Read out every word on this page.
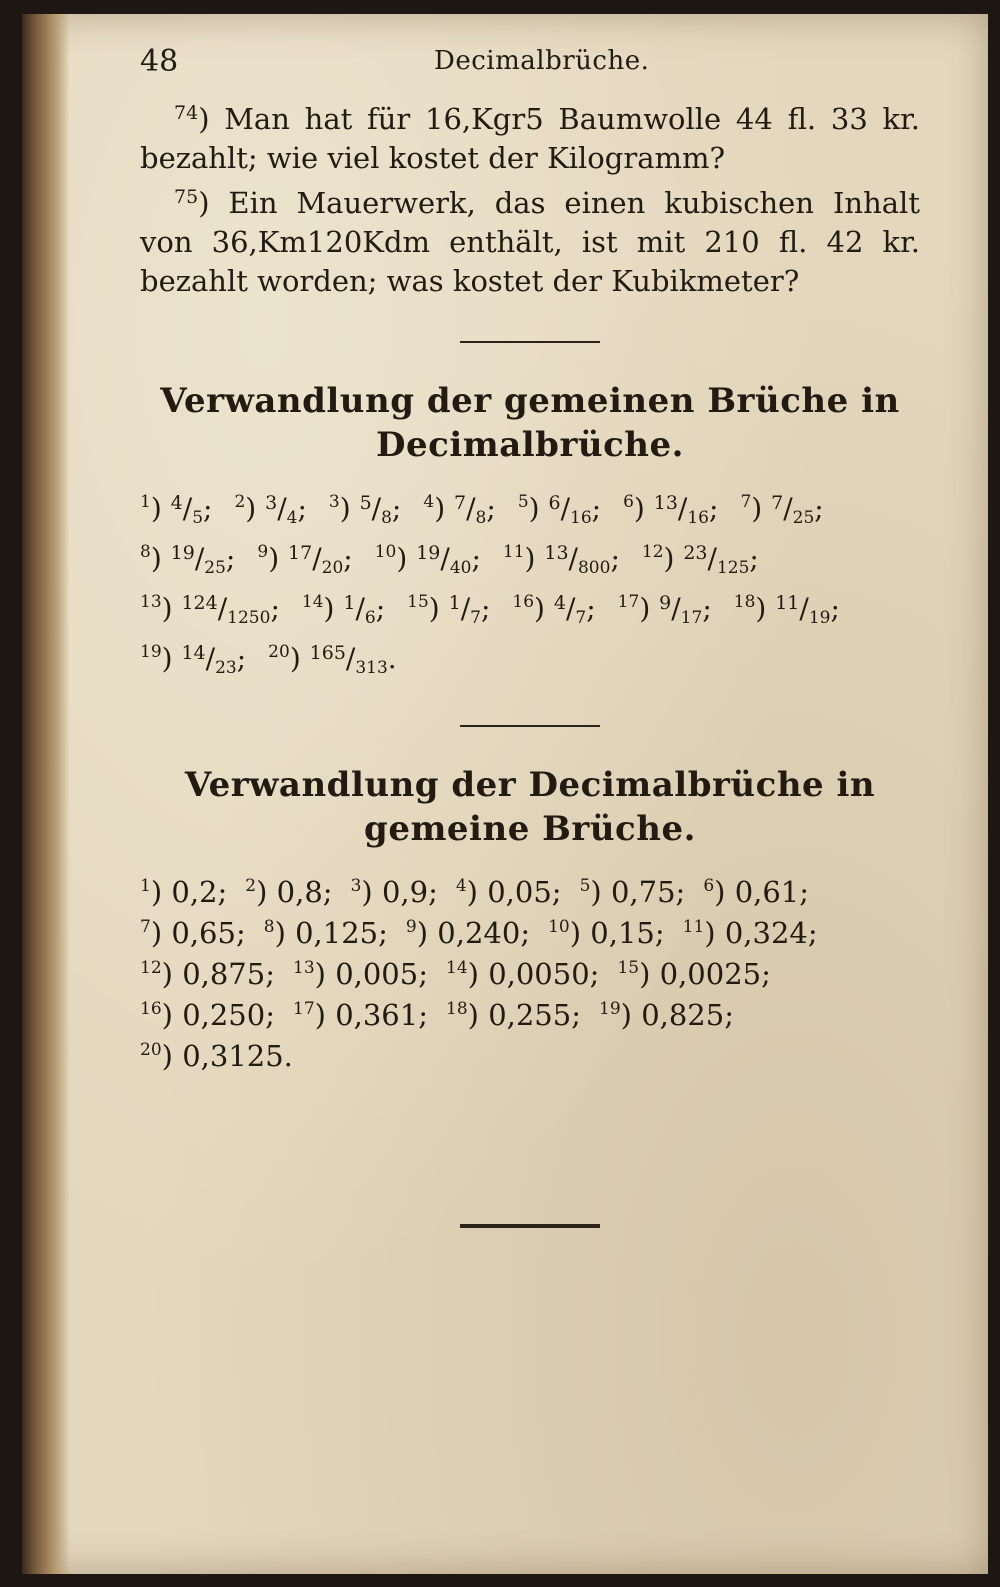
48	Decimalbrüche.

$^{74}$) Man hat für 16,Kgr5 Baumwolle 44 fl. 33 kr. bezahlt; wie viel kostet der Kilogramm?

$^{75}$) Ein Mauerwerk, das einen kubischen Inhalt von 36,Km120Kdm enthält, ist mit 210 fl. 42 kr. bezahlt worden; was kostet der Kubikmeter?

Verwandlung der gemeinen Brüche in Decimalbrüche.

$^1$) $^4$/5; $^2$) $^3$/4; $^3$) $^5$/8; $^4$) $^7$/8; $^5$) $^6$/16; $^6$) $^{13}$/16; $^7$) $^7$/25;$^8$) $^{19}$/25; $^9$) $^{17}$/20; $^{10}$) $^{19}$/40; $^{11}$) $^{13}$/800; $^{12}$) $^{23}$/125;$^{13}$) $^{124}$/1250; $^{14}$) $^1$/6; $^{15}$) $^1$/7; $^{16}$) $^4$/7; $^{17}$) $^9$/17; $^{18}$) $^{11}$/19;$^{19}$) $^{14}$/23; $^{20}$) $^{165}$/313.

Verwandlung der Decimalbrüche in gemeine Brüche.

$^1$) 0,2; $^2$) 0,8; $^3$) 0,9; $^4$) 0,05; $^5$) 0,75; $^6$) 0,61;$^7$) 0,65; $^8$) 0,125; $^9$) 0,240; $^{10}$) 0,15; $^{11}$) 0,324;$^{12}$) 0,875; $^{13}$) 0,005; $^{14}$) 0,0050; $^{15}$) 0,0025;$^{16}$) 0,250; $^{17}$) 0,361; $^{18}$) 0,255; $^{19}$) 0,825;$^{20}$) 0,3125.
